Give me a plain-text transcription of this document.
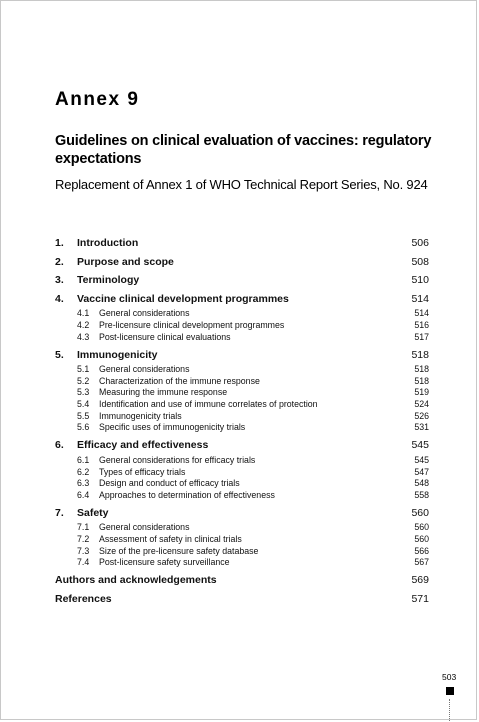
Annex 9
Guidelines on clinical evaluation of vaccines: regulatory expectations
Replacement of Annex 1 of WHO Technical Report Series, No. 924
1.	Introduction	506
2.	Purpose and scope	508
3.	Terminology	510
4.	Vaccine clinical development programmes	514
4.1	General considerations	514
4.2	Pre-licensure clinical development programmes	516
4.3	Post-licensure clinical evaluations	517
5.	Immunogenicity	518
5.1	General considerations	518
5.2	Characterization of the immune response	518
5.3	Measuring the immune response	519
5.4	Identification and use of immune correlates of protection	524
5.5	Immunogenicity trials	526
5.6	Specific uses of immunogenicity trials	531
6.	Efficacy and effectiveness	545
6.1	General considerations for efficacy trials	545
6.2	Types of efficacy trials	547
6.3	Design and conduct of efficacy trials	548
6.4	Approaches to determination of effectiveness	558
7.	Safety	560
7.1	General considerations	560
7.2	Assessment of safety in clinical trials	560
7.3	Size of the pre-licensure safety database	566
7.4	Post-licensure safety surveillance	567
Authors and acknowledgements	569
References	571
503
